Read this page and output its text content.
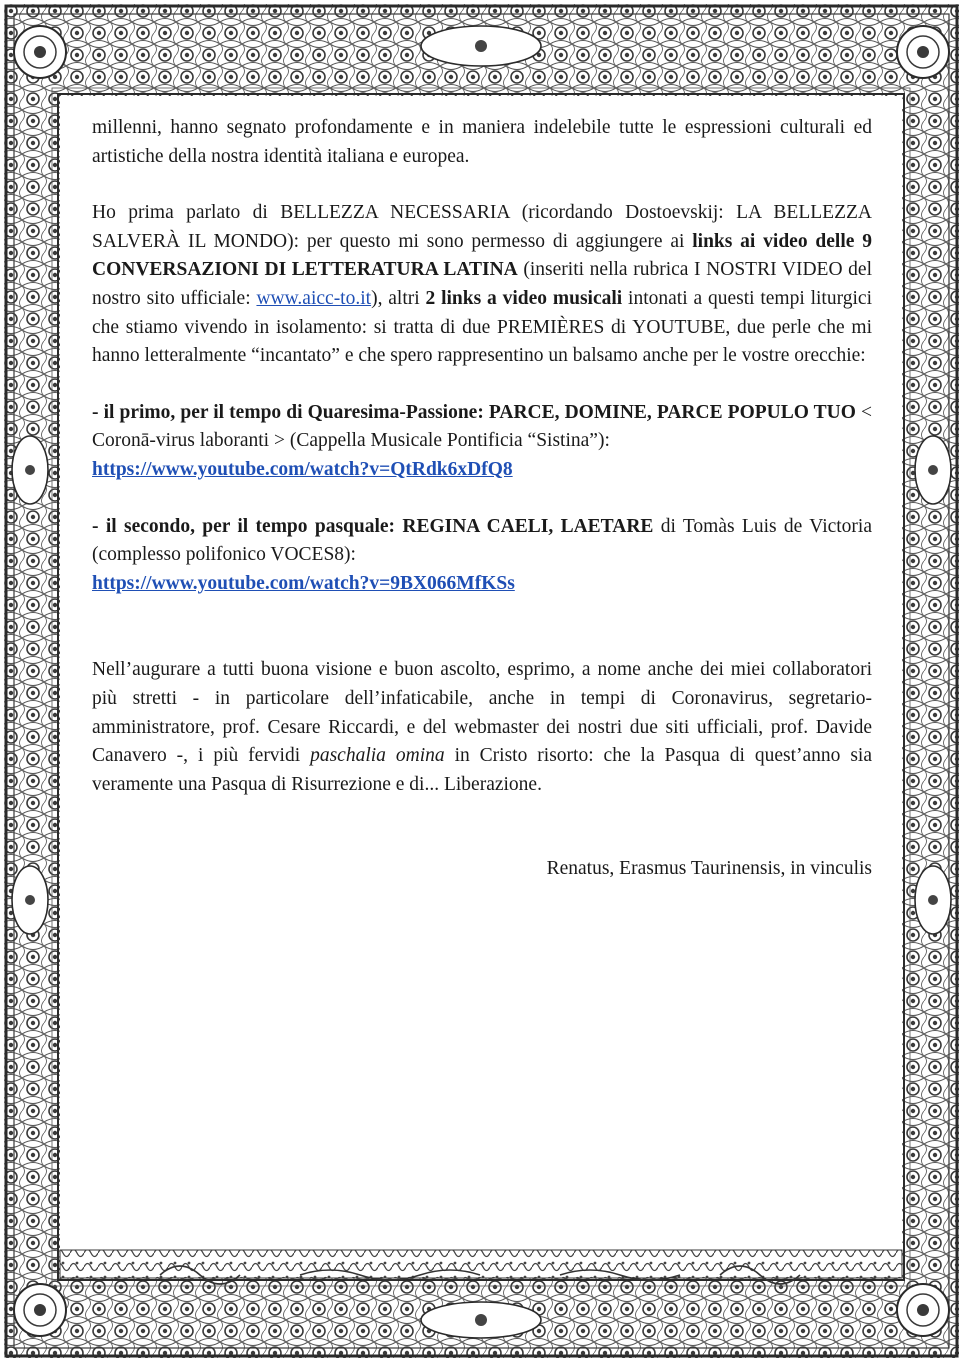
millenni, hanno segnato profondamente e in maniera indelebile tutte le espressioni culturali ed artistiche della nostra identità italiana e europea.

Ho prima parlato di BELLEZZA NECESSARIA (ricordando Dostoevskij: LA BELLEZZA SALVERÀ IL MONDO): per questo mi sono permesso di aggiungere ai links ai video delle 9 CONVERSAZIONI DI LETTERATURA LATINA (inseriti nella rubrica I NOSTRI VIDEO del nostro sito ufficiale: www.aicc-to.it), altri 2 links a video musicali intonati a questi tempi liturgici che stiamo vivendo in isolamento: si tratta di due PREMIÈRES di YOUTUBE, due perle che mi hanno letteralmente “incantato” e che spero rappresentino un balsamo anche per le vostre orecchie:

- il primo, per il tempo di Quaresima-Passione: PARCE, DOMINE, PARCE POPULO TUO < Coronā-virus laboranti > (Cappella Musicale Pontificia “Sistina”):
https://www.youtube.com/watch?v=QtRdk6xDfQ8

- il secondo, per il tempo pasquale: REGINA CAELI, LAETARE di Tomàs Luis de Victoria (complesso polifonico VOCES8):
https://www.youtube.com/watch?v=9BX066MfKSs

Nell’augurare a tutti buona visione e buon ascolto, esprimo, a nome anche dei miei collaboratori più stretti - in particolare dell’infaticabile, anche in tempi di Coronavirus, segretario-amministratore, prof. Cesare Riccardi, e del webmaster dei nostri due siti ufficiali, prof. Davide Canavero -, i più fervidi paschalia omina in Cristo risorto: che la Pasqua di quest’anno sia veramente una Pasqua di Risurrezione e di... Liberazione.

Renatus, Erasmus Taurinensis, in vinculis
